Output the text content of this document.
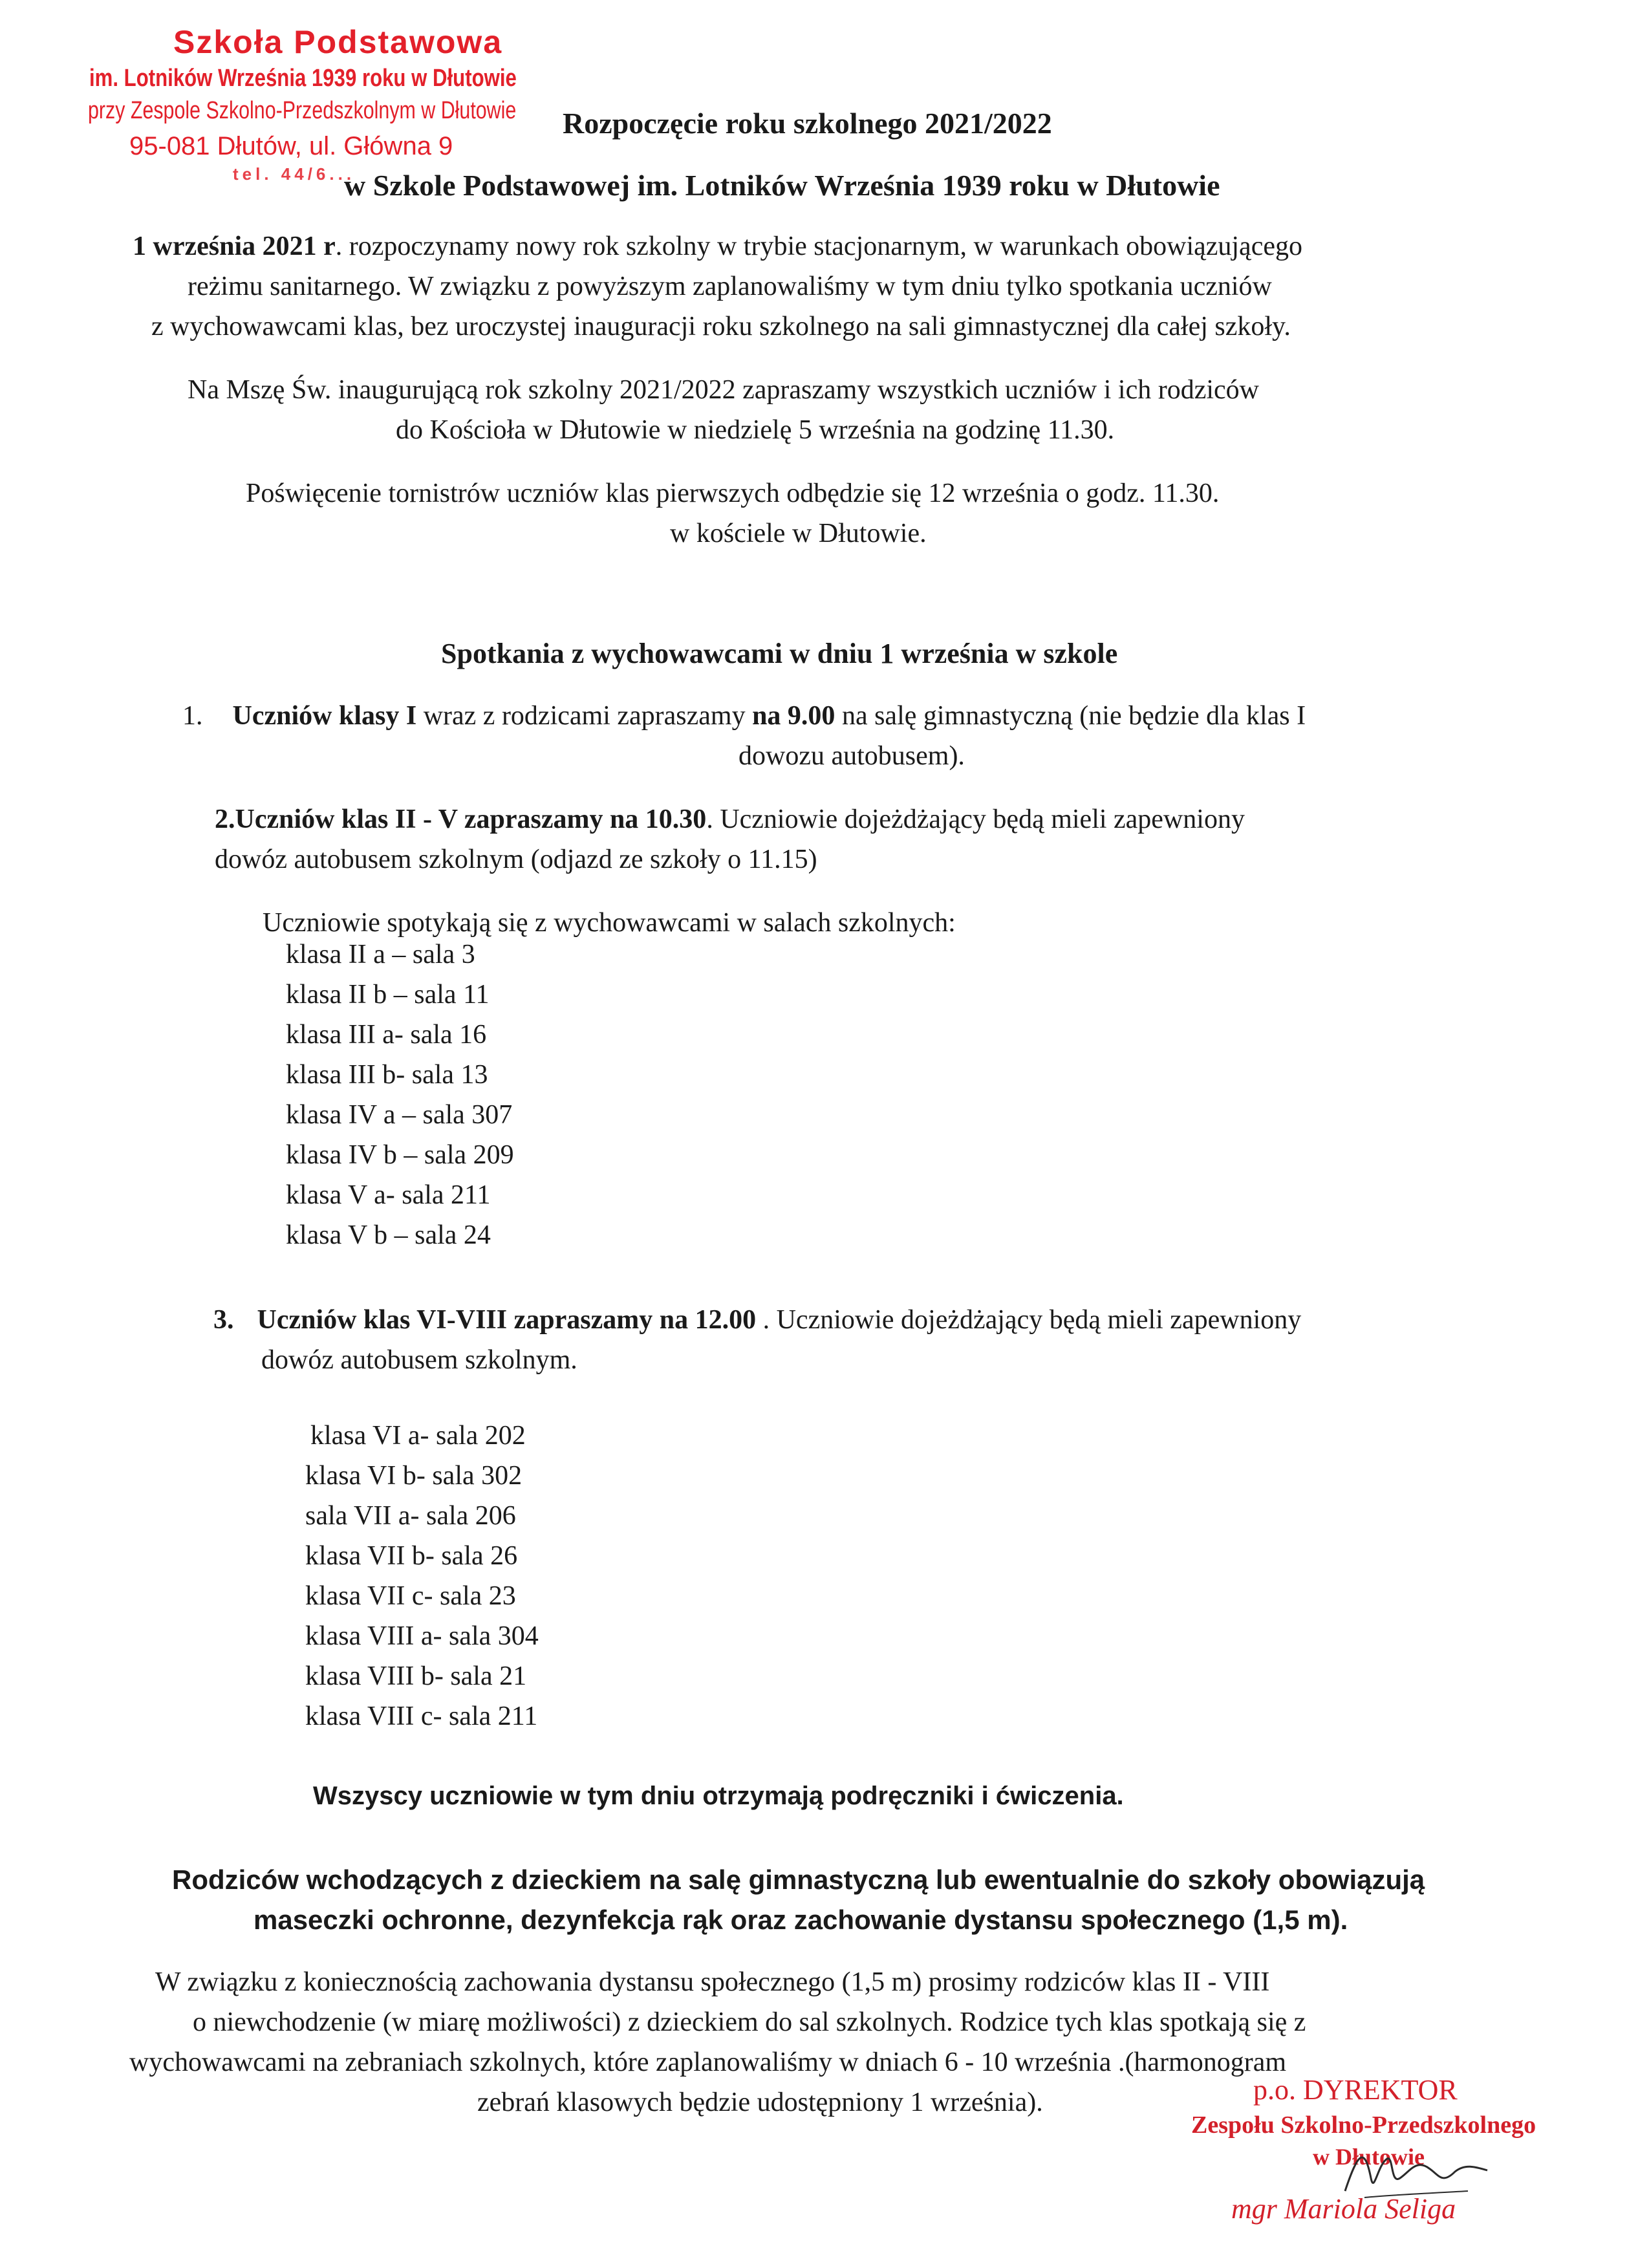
Szkoła Podstawowa
im. Lotników Września 1939 roku w Dłutowie
przy Zespole Szkolno-Przedszkolnym w Dłutowie
95-081 Dłutów, ul. Główna 9
tel. 44/6...
Rozpoczęcie roku szkolnego 2021/2022
w Szkole Podstawowej im. Lotników Września 1939 roku w Dłutowie
1 września 2021 r. rozpoczynamy nowy rok szkolny w trybie stacjonarnym, w warunkach obowiązującego
reżimu sanitarnego. W związku z powyższym zaplanowaliśmy w tym dniu tylko spotkania uczniów
z wychowawcami klas, bez uroczystej inauguracji roku szkolnego na sali gimnastycznej dla całej szkoły.
Na Mszę Św. inaugurującą rok szkolny 2021/2022 zapraszamy wszystkich uczniów i ich rodziców
do Kościoła w Dłutowie w niedzielę 5 września na godzinę 11.30.
Poświęcenie tornistrów uczniów klas pierwszych odbędzie się 12 września o godz. 11.30.
w kościele w Dłutowie.
Spotkania z wychowawcami w dniu 1 września w szkole
1. Uczniów klasy I wraz z rodzicami zapraszamy na 9.00 na salę gimnastyczną (nie będzie dla klas I
dowozu autobusem).
2.Uczniów klas II - V zapraszamy na 10.30. Uczniowie dojeżdżający będą mieli zapewniony
dowóz autobusem szkolnym (odjazd ze szkoły o 11.15)
Uczniowie spotykają się z wychowawcami w salach szkolnych:
klasa II a – sala 3
klasa II b – sala 11
klasa III a- sala 16
klasa III b- sala 13
klasa IV a – sala 307
klasa IV b – sala 209
klasa V a- sala 211
klasa V b – sala 24
3. Uczniów klas VI-VIII zapraszamy na 12.00 . Uczniowie dojeżdżający będą mieli zapewniony
dowóz autobusem szkolnym.
klasa VI a- sala 202
klasa VI b- sala 302
sala VII a- sala 206
klasa VII b- sala 26
klasa VII c- sala 23
klasa VIII a- sala 304
klasa VIII b- sala 21
klasa VIII c- sala 211
Wszyscy uczniowie w tym dniu otrzymają podręczniki i ćwiczenia.
Rodziców wchodzących z dzieckiem na salę gimnastyczną lub ewentualnie do szkoły obowiązują
maseczki ochronne, dezynfekcja rąk oraz zachowanie dystansu społecznego (1,5 m).
W związku z koniecznością zachowania dystansu społecznego (1,5 m) prosimy rodziców klas II - VIII
o niewchodzenie (w miarę możliwości) z dzieckiem do sal szkolnych. Rodzice tych klas spotkają się z
wychowawcami na zebraniach szkolnych, które zaplanowaliśmy w dniach 6 - 10 września .(harmonogram
zebrań klasowych będzie udostępniony 1 września).	p.o. DYREKTOR
Zespołu Szkolno-Przedszkolnego
w Dłutowie
mgr Mariola Seliga
